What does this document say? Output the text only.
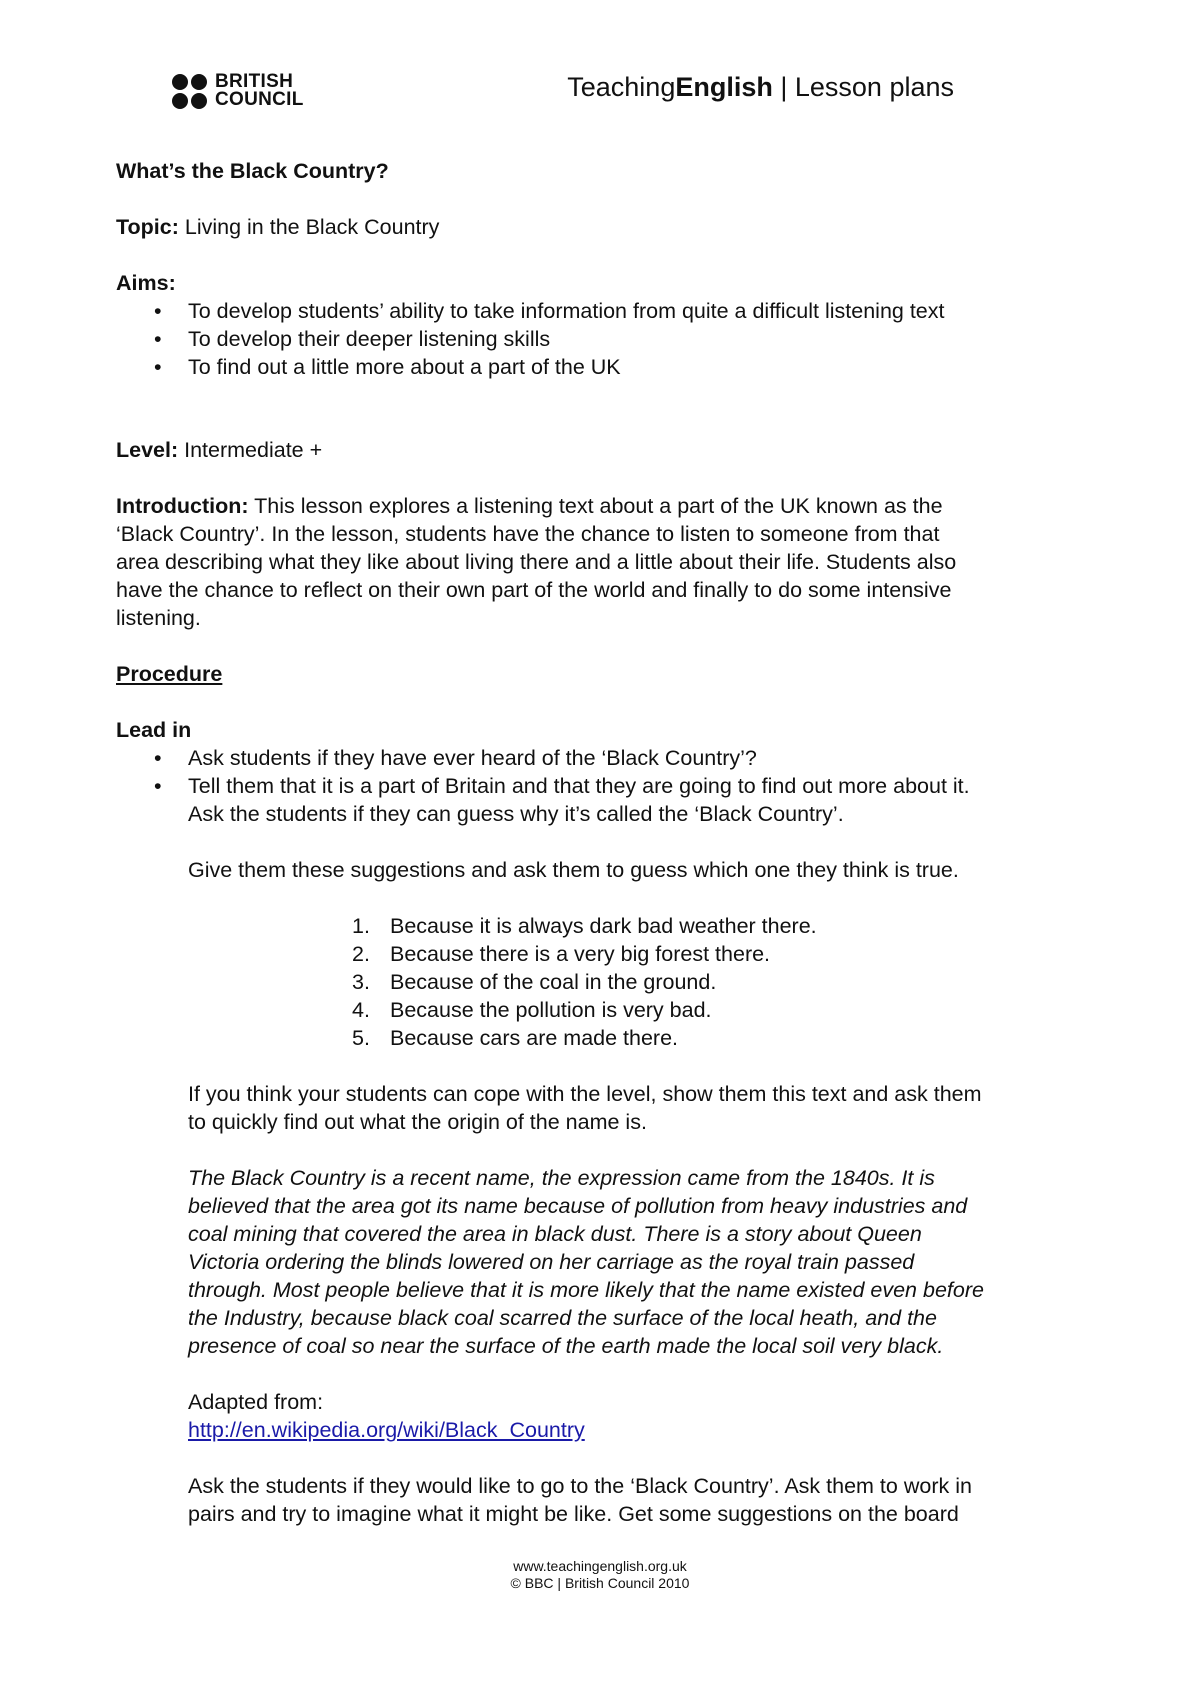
BRITISH
COUNCIL	TeachingEnglish | Lesson plans

What’s the Black Country?

Topic: Living in the Black Country

Aims:

• To develop students’ ability to take information from quite a difficult listening text
• To develop their deeper listening skills
• To find out a little more about a part of the UK

Level: Intermediate +

Introduction: This lesson explores a listening text about a part of the UK known as the

‘Black Country’. In the lesson, students have the chance to listen to someone from that

area describing what they like about living there and a little about their life. Students also

have the chance to reflect on their own part of the world and finally to do some intensive

listening.

Procedure

Lead in

• Ask students if they have ever heard of the ‘Black Country’?
• Tell them that it is a part of Britain and that they are going to find out more about it.

Ask the students if they can guess why it’s called the ‘Black Country’.

Give them these suggestions and ask them to guess which one they think is true.

1. Because it is always dark bad weather there.
2. Because there is a very big forest there.
3. Because of the coal in the ground.
4. Because the pollution is very bad.
5. Because cars are made there.

If you think your students can cope with the level, show them this text and ask them

to quickly find out what the origin of the name is.

The Black Country is a recent name, the expression came from the 1840s. It is

believed that the area got its name because of pollution from heavy industries and

coal mining that covered the area in black dust. There is a story about Queen

Victoria ordering the blinds lowered on her carriage as the royal train passed

through. Most people believe that it is more likely that the name existed even before

the Industry, because black coal scarred the surface of the local heath, and the

presence of coal so near the surface of the earth made the local soil very black.

Adapted from:

http://en.wikipedia.org/wiki/Black_Country

Ask the students if they would like to go to the ‘Black Country’. Ask them to work in

pairs and try to imagine what it might be like. Get some suggestions on the board

www.teachingenglish.org.uk
© BBC | British Council 2010
